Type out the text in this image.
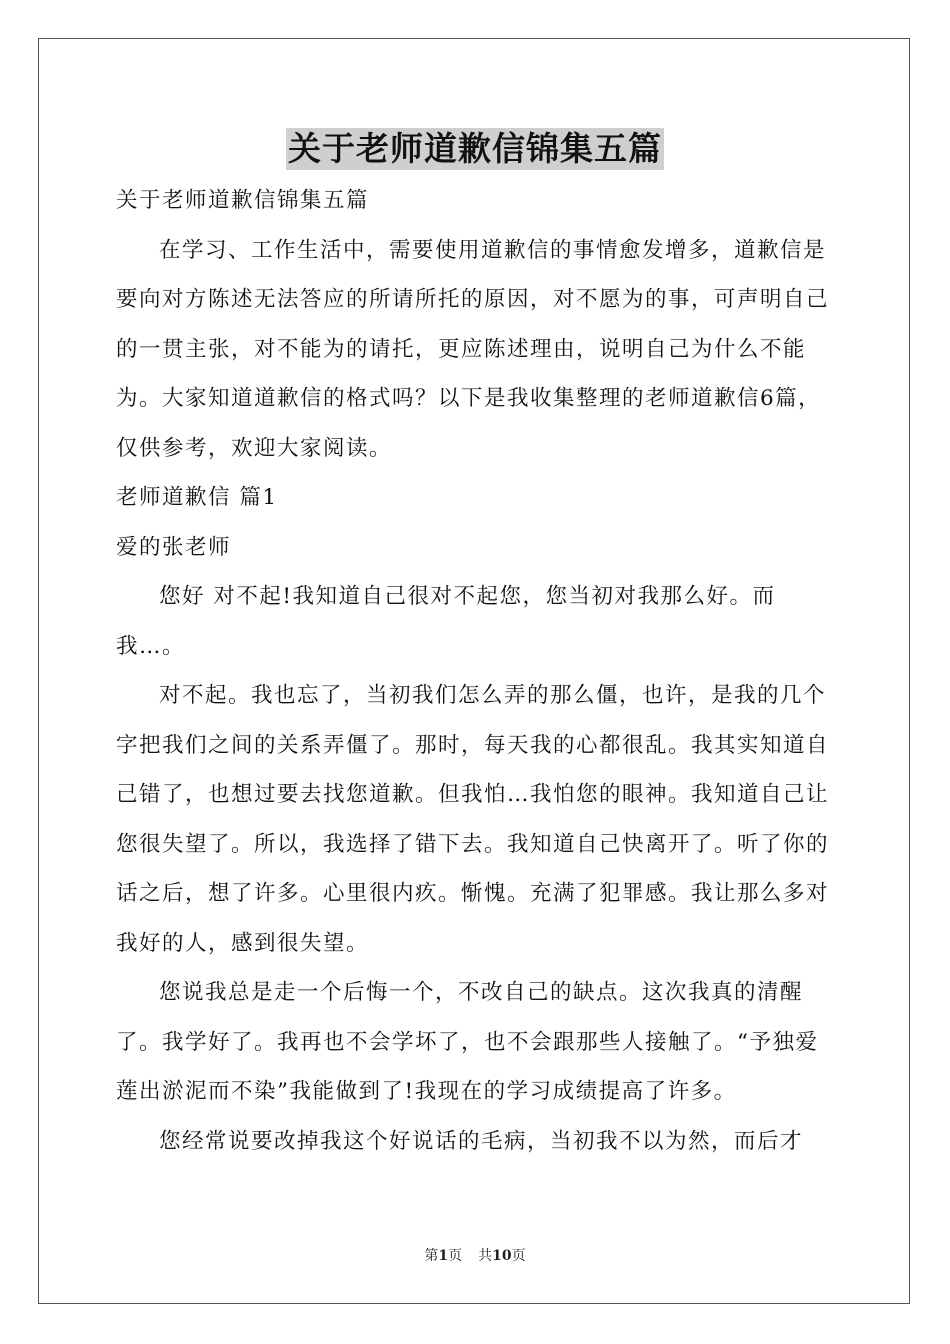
关于老师道歉信锦集五篇

关于老师道歉信锦集五篇

在学习、工作生活中，需要使用道歉信的事情愈发增多，道歉信是要向对方陈述无法答应的所请所托的原因，对不愿为的事，可声明自己的一贯主张，对不能为的请托，更应陈述理由，说明自己为什么不能为。大家知道道歉信的格式吗？以下是我收集整理的老师道歉信6篇，仅供参考，欢迎大家阅读。

老师道歉信 篇1

爱的张老师

您好 对不起!我知道自己很对不起您，您当初对我那么好。而我…。

对不起。我也忘了，当初我们怎么弄的那么僵，也许，是我的几个字把我们之间的关系弄僵了。那时，每天我的心都很乱。我其实知道自己错了，也想过要去找您道歉。但我怕…我怕您的眼神。我知道自己让您很失望了。所以，我选择了错下去。我知道自己快离开了。听了你的话之后，想了许多。心里很内疚。惭愧。充满了犯罪感。我让那么多对我好的人，感到很失望。

您说我总是走一个后悔一个，不改自己的缺点。这次我真的清醒了。我学好了。我再也不会学坏了，也不会跟那些人接触了。“予独爱莲出淤泥而不染”我能做到了!我现在的学习成绩提高了许多。

您经常说要改掉我这个好说话的毛病，当初我不以为然，而后才

第1页 共10页
